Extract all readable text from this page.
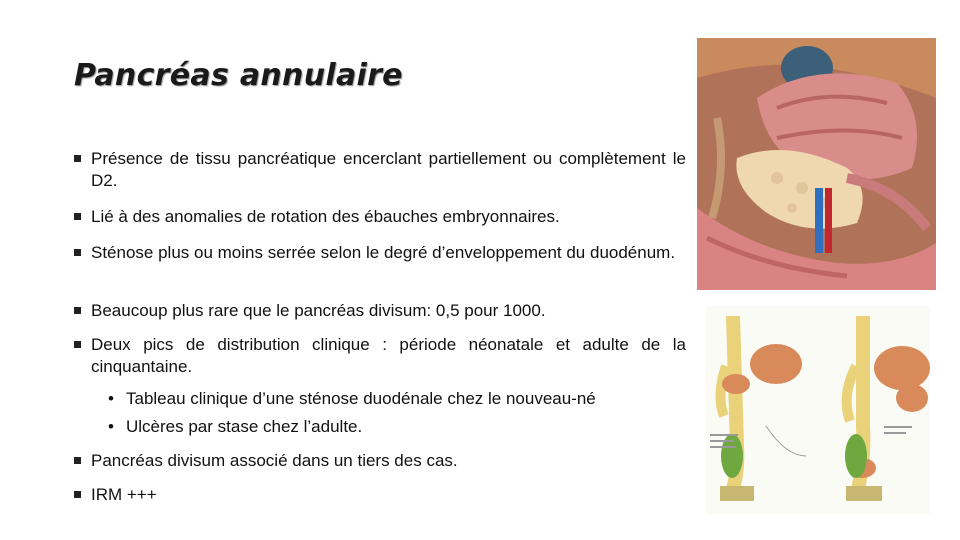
Pancréas annulaire
Présence de tissu pancréatique encerclant partiellement ou complètement le D2.
Lié à des anomalies de rotation des ébauches embryonnaires.
Sténose plus ou moins serrée selon le degré d’enveloppement du duodénum.
Beaucoup plus rare que le pancréas divisum: 0,5 pour 1000.
Deux pics de distribution clinique : période néonatale et adulte de la cinquantaine.
• Tableau clinique d’une sténose duodénale chez le nouveau-né
• Ulcères par stase chez l’adulte.
Pancréas divisum associé dans un tiers des cas.
IRM +++
